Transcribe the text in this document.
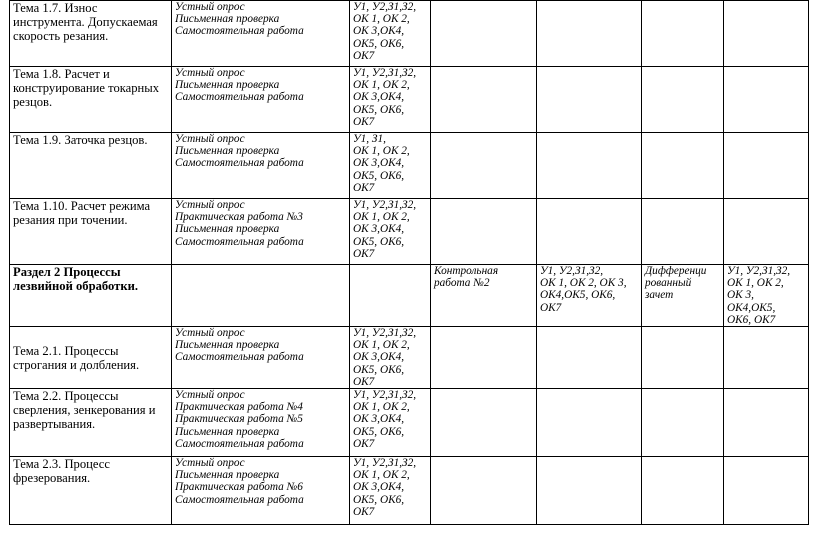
Тема 1.7. Износ инструмента. Допускаемая скорость резания.	Устный опрос
Письменная проверка
Самостоятельная работа	У1, У2,З1,З2,
ОК 1, ОК 2,
ОК 3,ОК4,
ОК5, ОК6,
ОК7				

Тема 1.8. Расчет и конструирование токарных резцов.	Устный опрос
Письменная проверка
Самостоятельная работа	У1, У2,З1,З2,
ОК 1, ОК 2,
ОК 3,ОК4,
ОК5, ОК6,
ОК7				

Тема 1.9. Заточка резцов.	Устный опрос
Письменная проверка
Самостоятельная работа	У1, З1,
ОК 1, ОК 2,
ОК 3,ОК4,
ОК5, ОК6,
ОК7				

Тема 1.10. Расчет режима резания при точении.	Устный опрос
Практическая работа №3
Письменная проверка
Самостоятельная работа	У1, У2,З1,З2,
ОК 1, ОК 2,
ОК 3,ОК4,
ОК5, ОК6,
ОК7				

Раздел 2 Процессы лезвийной обработки.			Контрольная
работа №2	У1, У2,З1,З2,
ОК 1, ОК 2, ОК 3,
ОК4,ОК5, ОК6,
ОК7	Дифференци
рованный
зачет	У1, У2,З1,З2,
ОК 1, ОК 2,
ОК 3, ОК4,ОК5,
ОК6, ОК7

Тема 2.1. Процессы строгания и долбления.	Устный опрос
Письменная проверка
Самостоятельная работа	У1, У2,З1,З2,
ОК 1, ОК 2,
ОК 3,ОК4,
ОК5, ОК6,
ОК7				

Тема 2.2. Процессы сверления, зенкерования и развертывания.	Устный опрос
Практическая работа №4
Практическая работа №5
Письменная проверка
Самостоятельная работа	У1, У2,З1,З2,
ОК 1, ОК 2,
ОК 3,ОК4,
ОК5, ОК6,
ОК7				

Тема 2.3. Процесс фрезерования.	Устный опрос
Письменная проверка
Практическая работа №6
Самостоятельная работа	У1, У2,З1,З2,
ОК 1, ОК 2,
ОК 3,ОК4,
ОК5, ОК6,
ОК7				
